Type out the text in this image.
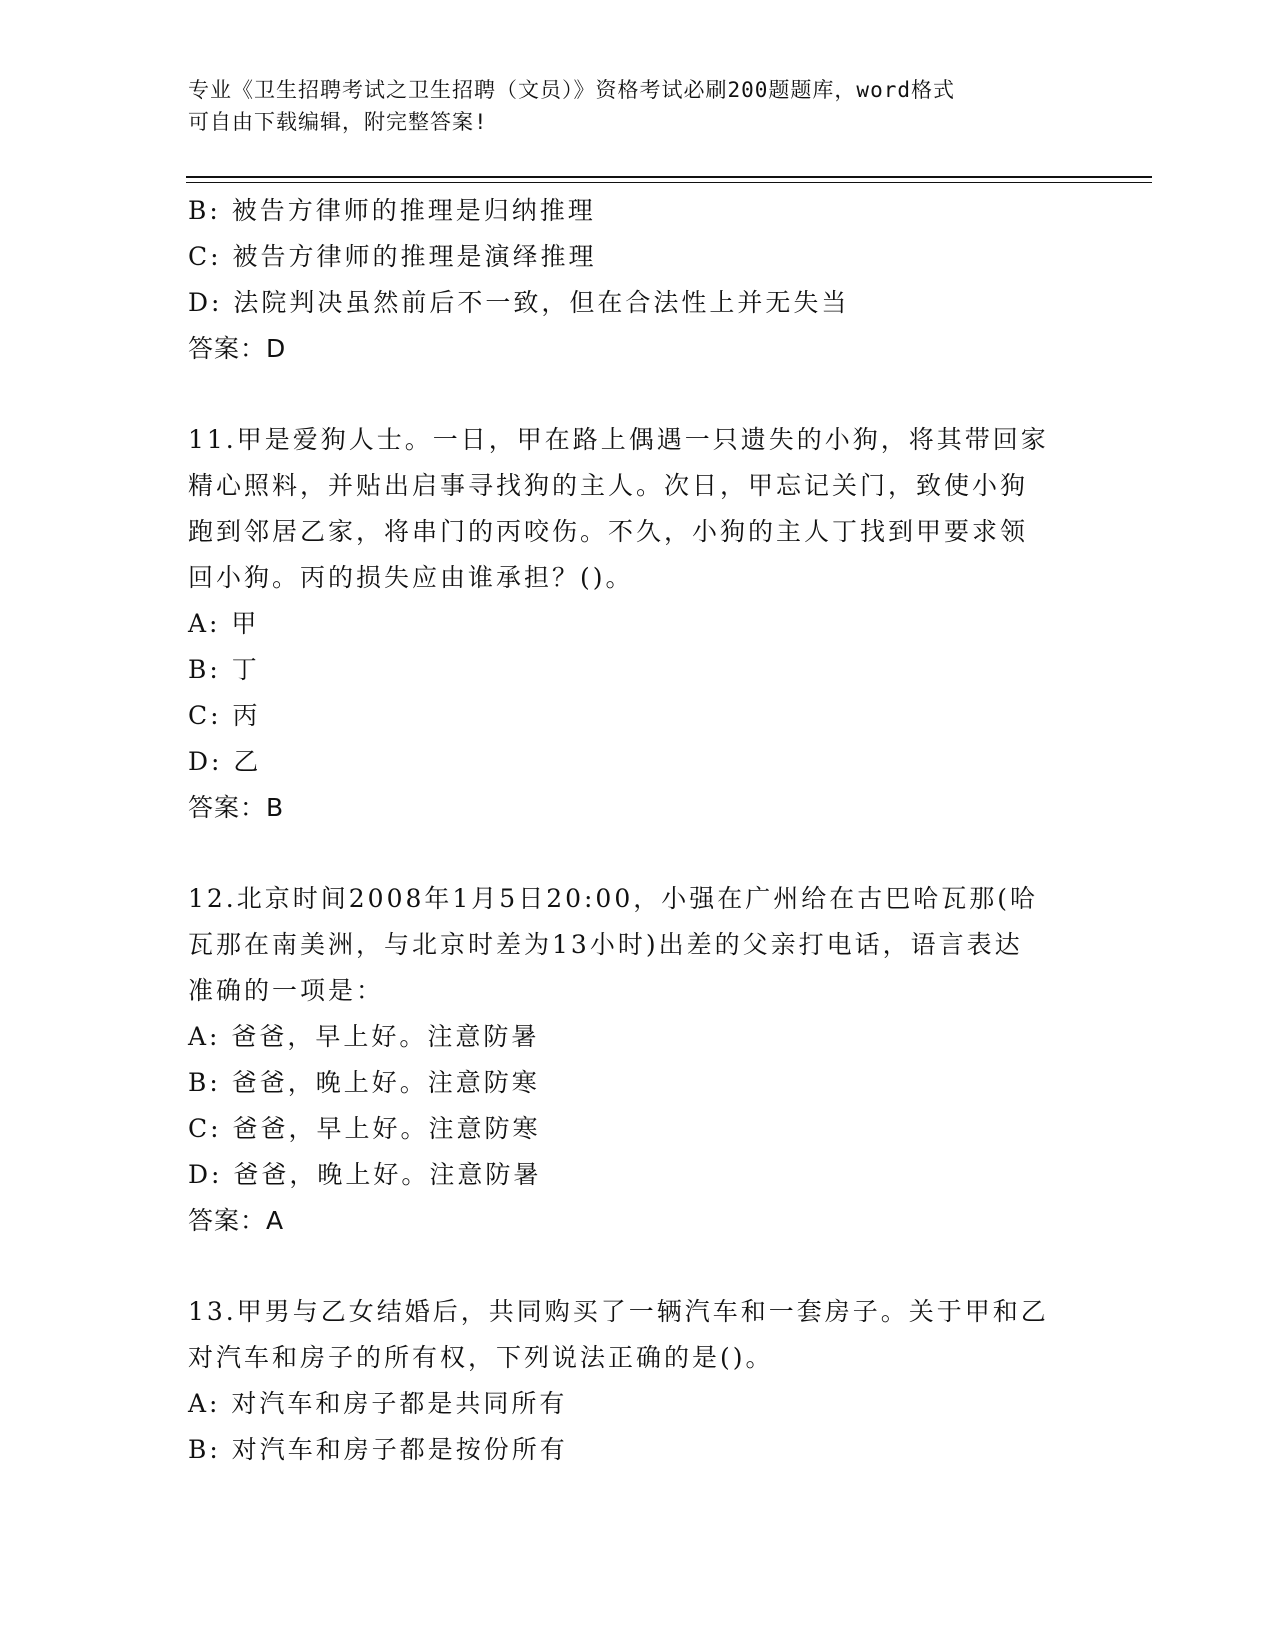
专业《卫生招聘考试之卫生招聘（文员）》资格考试必刷200题题库，word格式
可自由下载编辑，附完整答案!
B: 被告方律师的推理是归纳推理
C: 被告方律师的推理是演绎推理
D: 法院判决虽然前后不一致，但在合法性上并无失当
答案：D
11.甲是爱狗人士。一日，甲在路上偶遇一只遗失的小狗，将其带回家
精心照料，并贴出启事寻找狗的主人。次日，甲忘记关门，致使小狗
跑到邻居乙家，将串门的丙咬伤。不久，小狗的主人丁找到甲要求领
回小狗。丙的损失应由谁承担？()。
A: 甲
B: 丁
C: 丙
D: 乙
答案：B
12.北京时间2008年1月5日20:00，小强在广州给在古巴哈瓦那(哈
瓦那在南美洲，与北京时差为13小时)出差的父亲打电话，语言表达
准确的一项是：
A: 爸爸，早上好。注意防暑
B: 爸爸，晚上好。注意防寒
C: 爸爸，早上好。注意防寒
D: 爸爸，晚上好。注意防暑
答案：A
13.甲男与乙女结婚后，共同购买了一辆汽车和一套房子。关于甲和乙
对汽车和房子的所有权，下列说法正确的是()。
A: 对汽车和房子都是共同所有
B: 对汽车和房子都是按份所有
